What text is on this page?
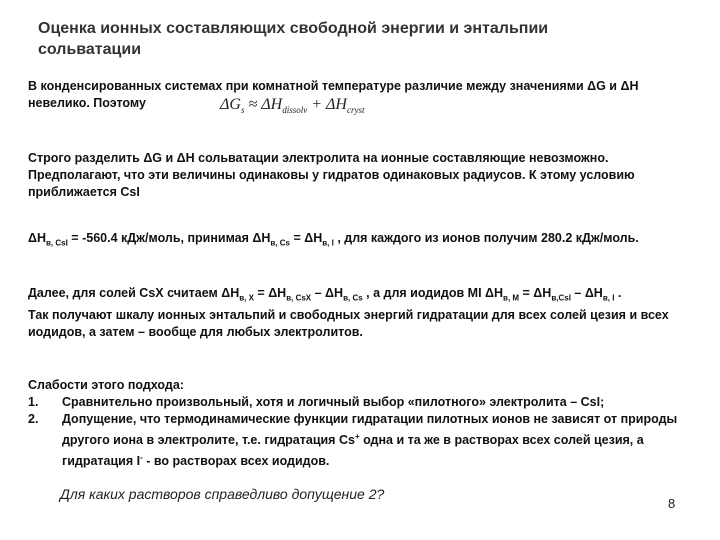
Оценка ионных составляющих свободной энергии и энтальпии сольватации
В конденсированных системах при комнатной температуре различие между значениями ΔG и ΔH невелико. Поэтому	$\Delta G_s \approx \Delta H_{dissolv} + \Delta H_{cryst}$
Строго разделить ΔG и ΔH сольватации электролита на ионные составляющие невозможно. Предполагают, что эти величины одинаковы у гидратов одинаковых радиусов. К этому условию приближается CsI
$\Delta H_{в, CsI} = -560.4$ кДж/моль, принимая $\Delta H_{в, Cs} = \Delta H_{в, I}$ , для каждого из ионов получим 280.2 кДж/моль.
Далее, для солей CsX считаем $\Delta H_{в, X} = \Delta H_{в, CsX} - \Delta H_{в, Cs}$ , а для иодидов MI $\Delta H_{в, M} = \Delta H_{в,CsI} - \Delta H_{в, I}$ .
Так получают шкалу ионных энтальпий и свободных энергий гидратации для всех солей цезия и всех иодидов, а затем – вообще для любых электролитов.
Слабости этого подхода:
1. Сравнительно произвольный, хотя и логичный выбор «пилотного» электролита – CsI;
2. Допущение, что термодинамические функции гидратации пилотных ионов не зависят от природы другого иона в электролите, т.е. гидратация Cs+ одна и та же в растворах всех солей цезия, а гидратация I- - во растворах всех иодидов.
Для каких растворов справедливо допущение 2?
8
